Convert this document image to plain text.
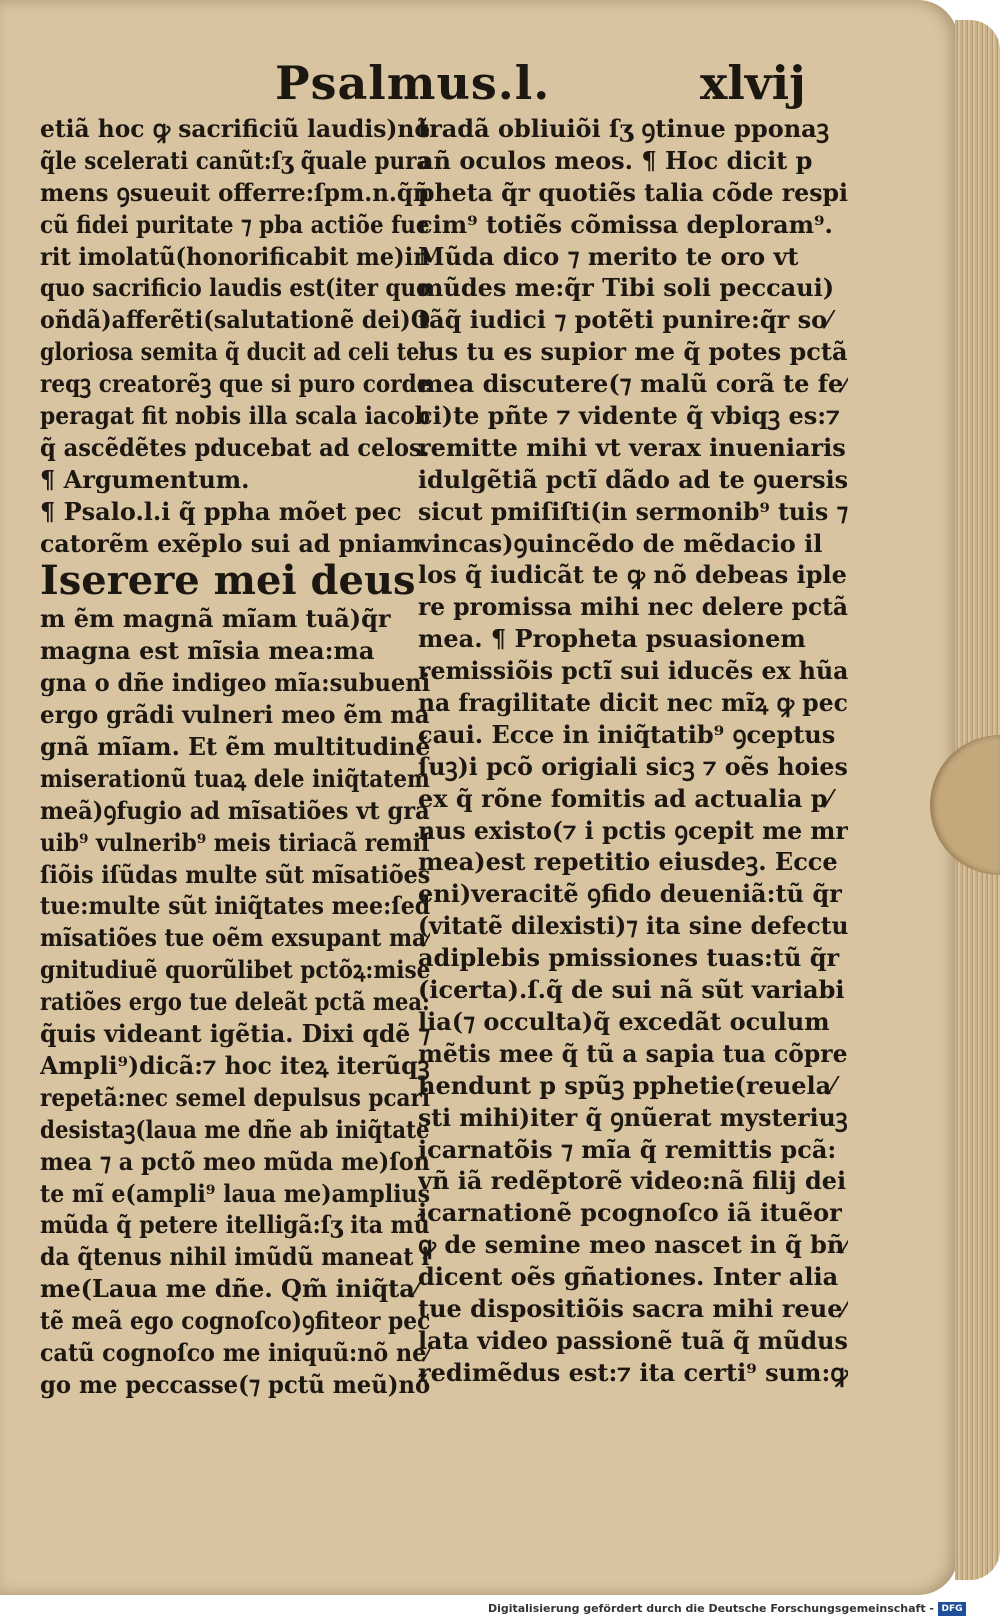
Psalmus.l.	xlvij
etiã hoc ꝙ sacrificiũ laudis)nõ
q̃le scelerati canũt:ſʒ q̃uale pura
mens ꝯsueuit offerre:ſpm.n.q̃ñ
cũ fidei puritate ⁊ pba actiõe fue
rit imolatũ(honorificabit me)in
quo sacrificio laudis est(iter quo
oñdã)afferẽti(salutationẽ dei)O
gloriosa semita q̃ ducit ad celi ter
reqꝫ creatorẽꝫ que si puro corde
peragat fit nobis illa scala iacob
q̃ ascẽdẽtes pducebat ad celos.
¶ Argumentum.
¶ Psalo.l.i q̃ ppha mõet pec
catorẽm exẽplo sui ad pniam.
Iserere mei deus
m ẽm magnã mĩam tuã)q̃r
magna est mĩsia mea:ma
gna o dñe indigeo mĩa:subueni
ergo grãdi vulneri meo ẽm ma
gnã mĩam. Et ẽm multitudinẽ
miserationũ tuaꝝ dele iniq̃tatem
meã)ꝯfugio ad mĩsatiões vt gra
uib⁹ vulnerib⁹ meis tiriacã remiſ
ſiõis iſũdas multe sũt mĩsatiões
tue:multe sũt iniq̃tates mee:ſed
mĩsatiões tue oẽm exsupant ma⁄
gnitudiuẽ quorũlibet pctõꝝ:mise
ratiões ergo tue deleãt pctã mea:
q̃uis videant igẽtia. Dixi qdẽ ⁊
Ampli⁹)dicã:⁊ hoc iteꝝ iterũqꝫ
repetã:nec semel depulsus pcari
desistaꝫ(laua me dñe ab iniq̃tate
mea ⁊ a pctõ meo mũda me)ſon
te mĩ e(ampli⁹ laua me)amplius
mũda q̃ petere itelligã:ſʒ ita mũ
da q̃tenus nihil imũdũ maneat i
me(Laua me dñe. Qm̃ iniq̃ta⁄
tẽ meã ego cognoſco)ꝯfiteor pec
catũ cognoſco me iniquũ:nõ ne⁄
go me peccasse(⁊ pctũ meũ)nõ
tradã obliuiõi ſʒ ꝯtinue pponaꝫ
añ oculos meos. ¶ Hoc dicit p
pheta q̃r quotiẽs talia cõde respi
cim⁹ totiẽs cõmissa deploram⁹.
Mũda dico ⁊ merito te oro vt
mũdes me:q̃r Tibi soli peccaui)
tãq̃ iudici ⁊ potẽti punire:q̃r so⁄
lus tu es supior me q̃ potes pctã
mea discutere(⁊ malũ corã te fe⁄
ci)te pñte ⁊ vidente q̃ vbiqꝫ es:⁊
remitte mihi vt verax inueniaris
idulgẽtiã pctĩ dãdo ad te ꝯuersis
sicut pmiſiſti(in sermonib⁹ tuis ⁊
vincas)ꝯuincẽdo de mẽdacio il
los q̃ iudicãt te ꝙ nõ debeas iple
re promissa mihi nec delere pctã
mea. ¶ Propheta psuasionem
remissiõis pctĩ sui iducẽs ex hũa
na fragilitate dicit nec mĩꝝ ꝙ pec
caui. Ecce in iniq̃tatib⁹ ꝯceptus
ſuꝫ)i pcõ origiali sicꝫ ⁊ oẽs hoies
ex q̃ rõne fomitis ad actualia p⁄
nus existo(⁊ i pctis ꝯcepit me mr
mea)est repetitio eiusdeꝫ. Ecce
eni)veracitẽ ꝯfido deueniã:tũ q̃r
(vitatẽ dilexisti)⁊ ita sine defectu
adiplebis pmissiones tuas:tũ q̃r
(icerta).ſ.q̃ de sui nã sũt variabi
lia(⁊ occulta)q̃ excedãt oculum
mẽtis mee q̃ tũ a sapia tua cõpre
hendunt p spũꝫ pphetie(reuela⁄
sti mihi)iter q̃ ꝯnũerat mysteriuꝫ
icarnatõis ⁊ mĩa q̃ remittis pcã:
vñ iã redẽptorẽ video:nã filij dei
icarnationẽ pcognoſco iã ituẽor
ꝙ de semine meo nascet in q̃ bñ⁄
dicent oẽs gñationes. Inter alia
tue dispositiõis sacra mihi reue⁄
lata video passionẽ tuã q̃ mũdus
redimẽdus est:⁊ ita certi⁹ sum:ꝙ
Digitalisierung gefördert durch die Deutsche Forschungsgemeinschaft - DFG
